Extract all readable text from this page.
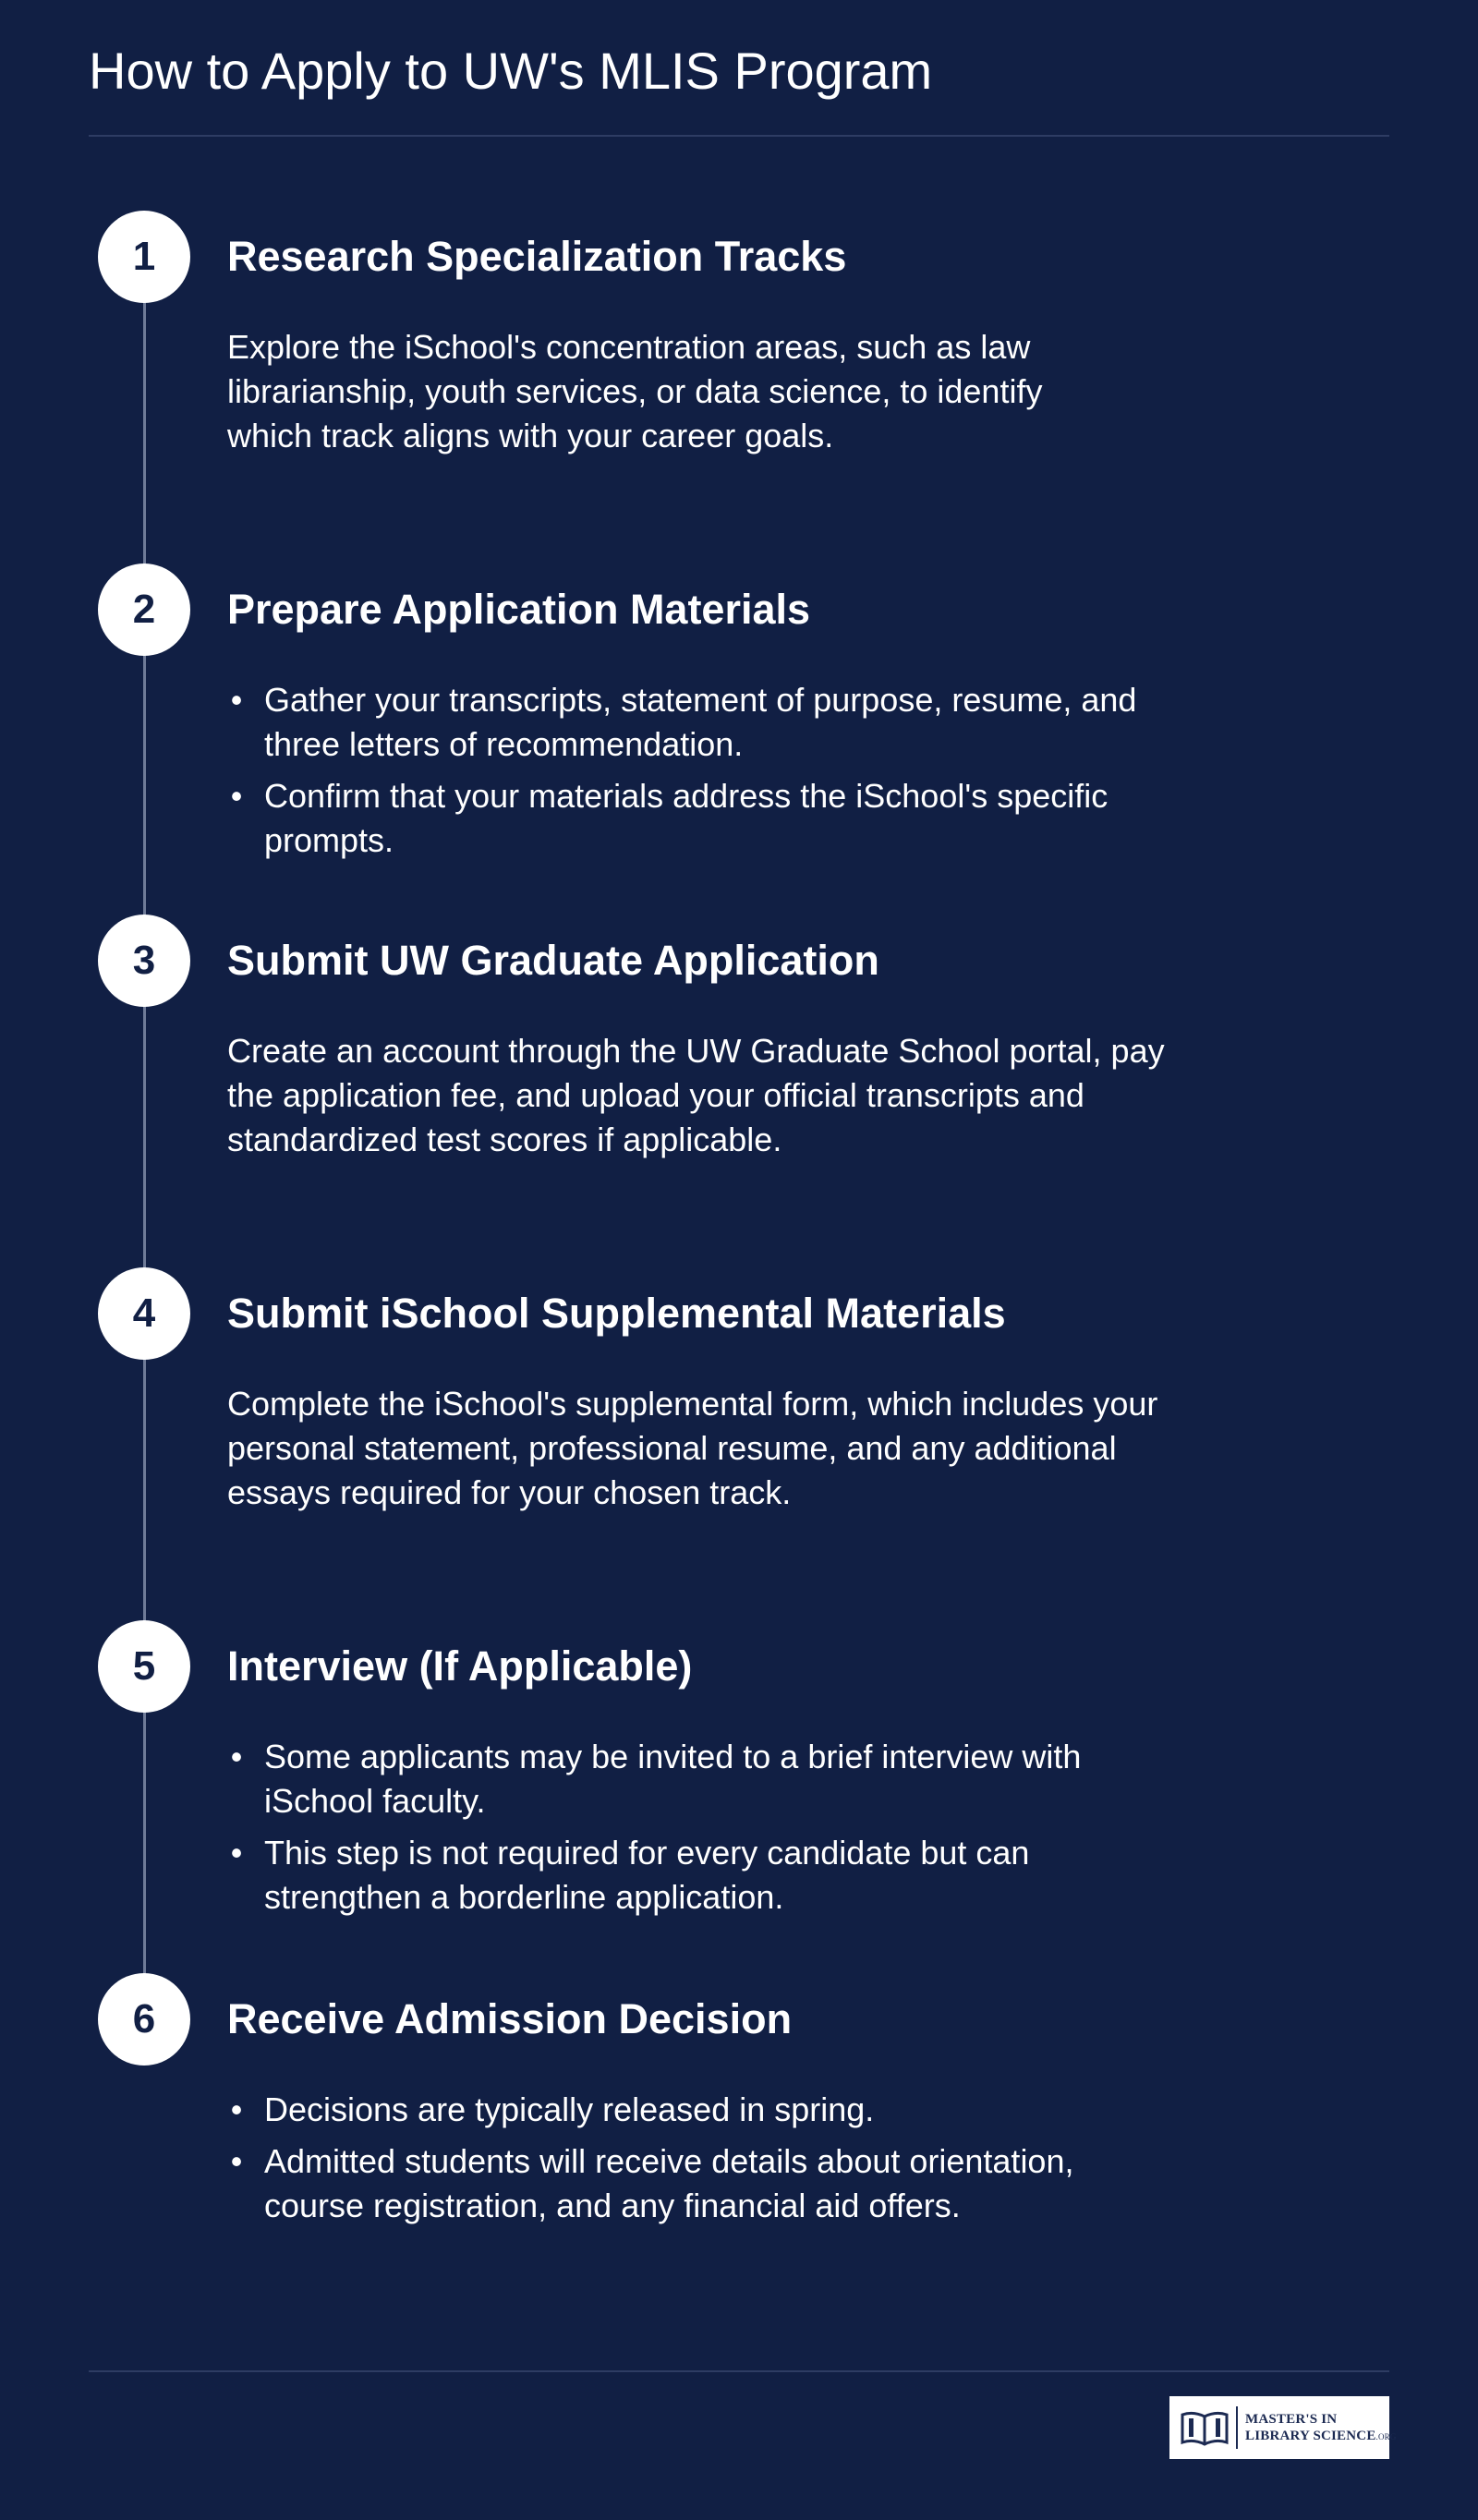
How to Apply to UW's MLIS Program
1	Research Specialization Tracks

Explore the iSchool's concentration areas, such as law librarianship, youth services, or data science, to identify which track aligns with your career goals.

2	Prepare Application Materials
• Gather your transcripts, statement of purpose, resume, and three letters of recommendation.
• Confirm that your materials address the iSchool's specific prompts.
3	Submit UW Graduate Application

Create an account through the UW Graduate School portal, pay the application fee, and upload your official transcripts and standardized test scores if applicable.

4	Submit iSchool Supplemental Materials

Complete the iSchool's supplemental form, which includes your personal statement, professional resume, and any additional essays required for your chosen track.

5	Interview (If Applicable)
• Some applicants may be invited to a brief interview with iSchool faculty.
• This step is not required for every candidate but can strengthen a borderline application.
6	Receive Admission Decision
• Decisions are typically released in spring.
• Admitted students will receive details about orientation, course registration, and any financial aid offers.
MASTER'S IN
LIBRARY SCIENCE.ORG
